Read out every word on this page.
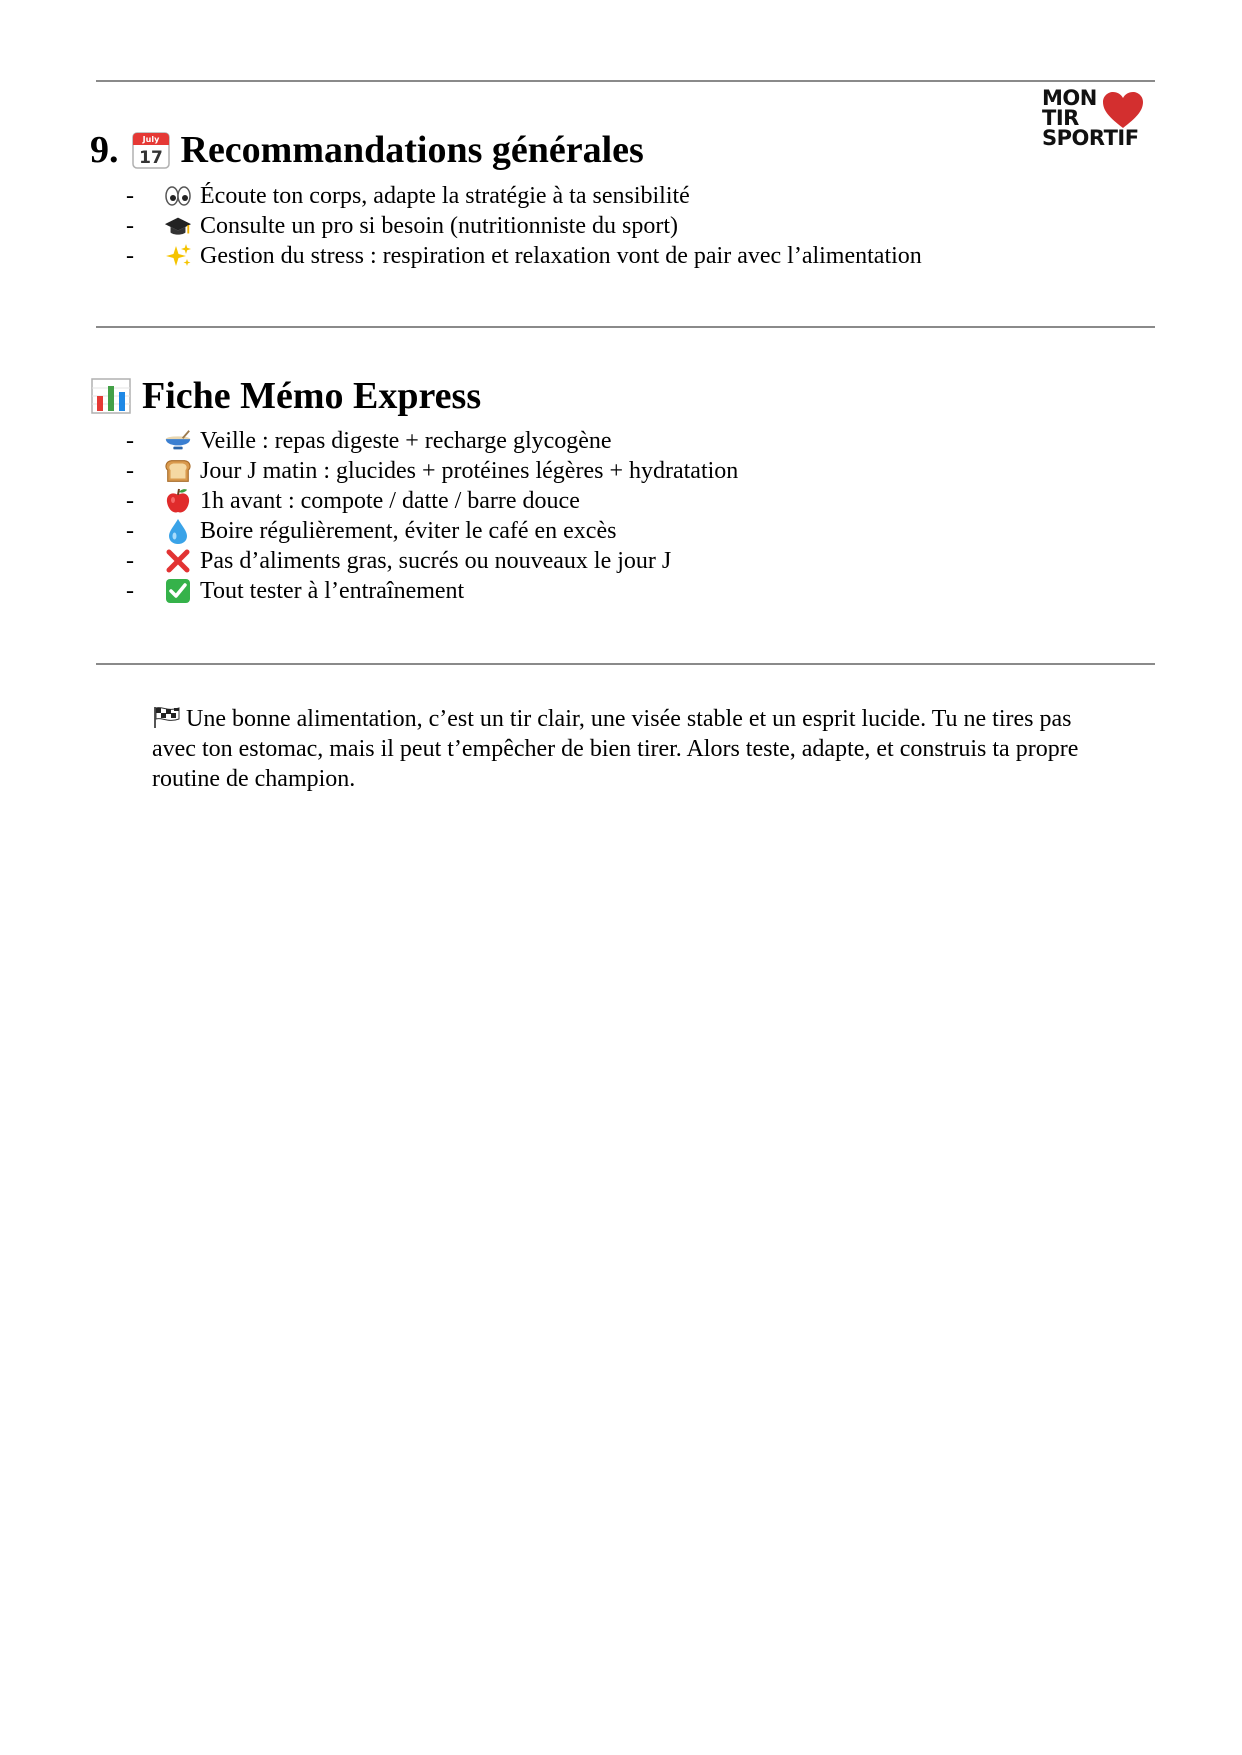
MON
TIR
SPORTIF
9.	July
17 Recommandations générales
-	Écoute ton corps, adapte la stratégie à ta sensibilité
-	Consulte un pro si besoin (nutritionniste du sport)
-	Gestion du stress : respiration et relaxation vont de pair avec l’alimentation
Fiche Mémo Express
-	Veille : repas digeste + recharge glycogène
-	Jour J matin : glucides + protéines légères + hydratation
-	1h avant : compote / datte / barre douce
-	Boire régulièrement, éviter le café en excès
-	Pas d’aliments gras, sucrés ou nouveaux le jour J
-	Tout tester à l’entraînement

Une bonne alimentation, c’est un tir clair, une visée stable et un esprit lucide. Tu ne tires pas avec ton estomac, mais il peut t’empêcher de bien tirer. Alors teste, adapte, et construis ta propre routine de champion.
